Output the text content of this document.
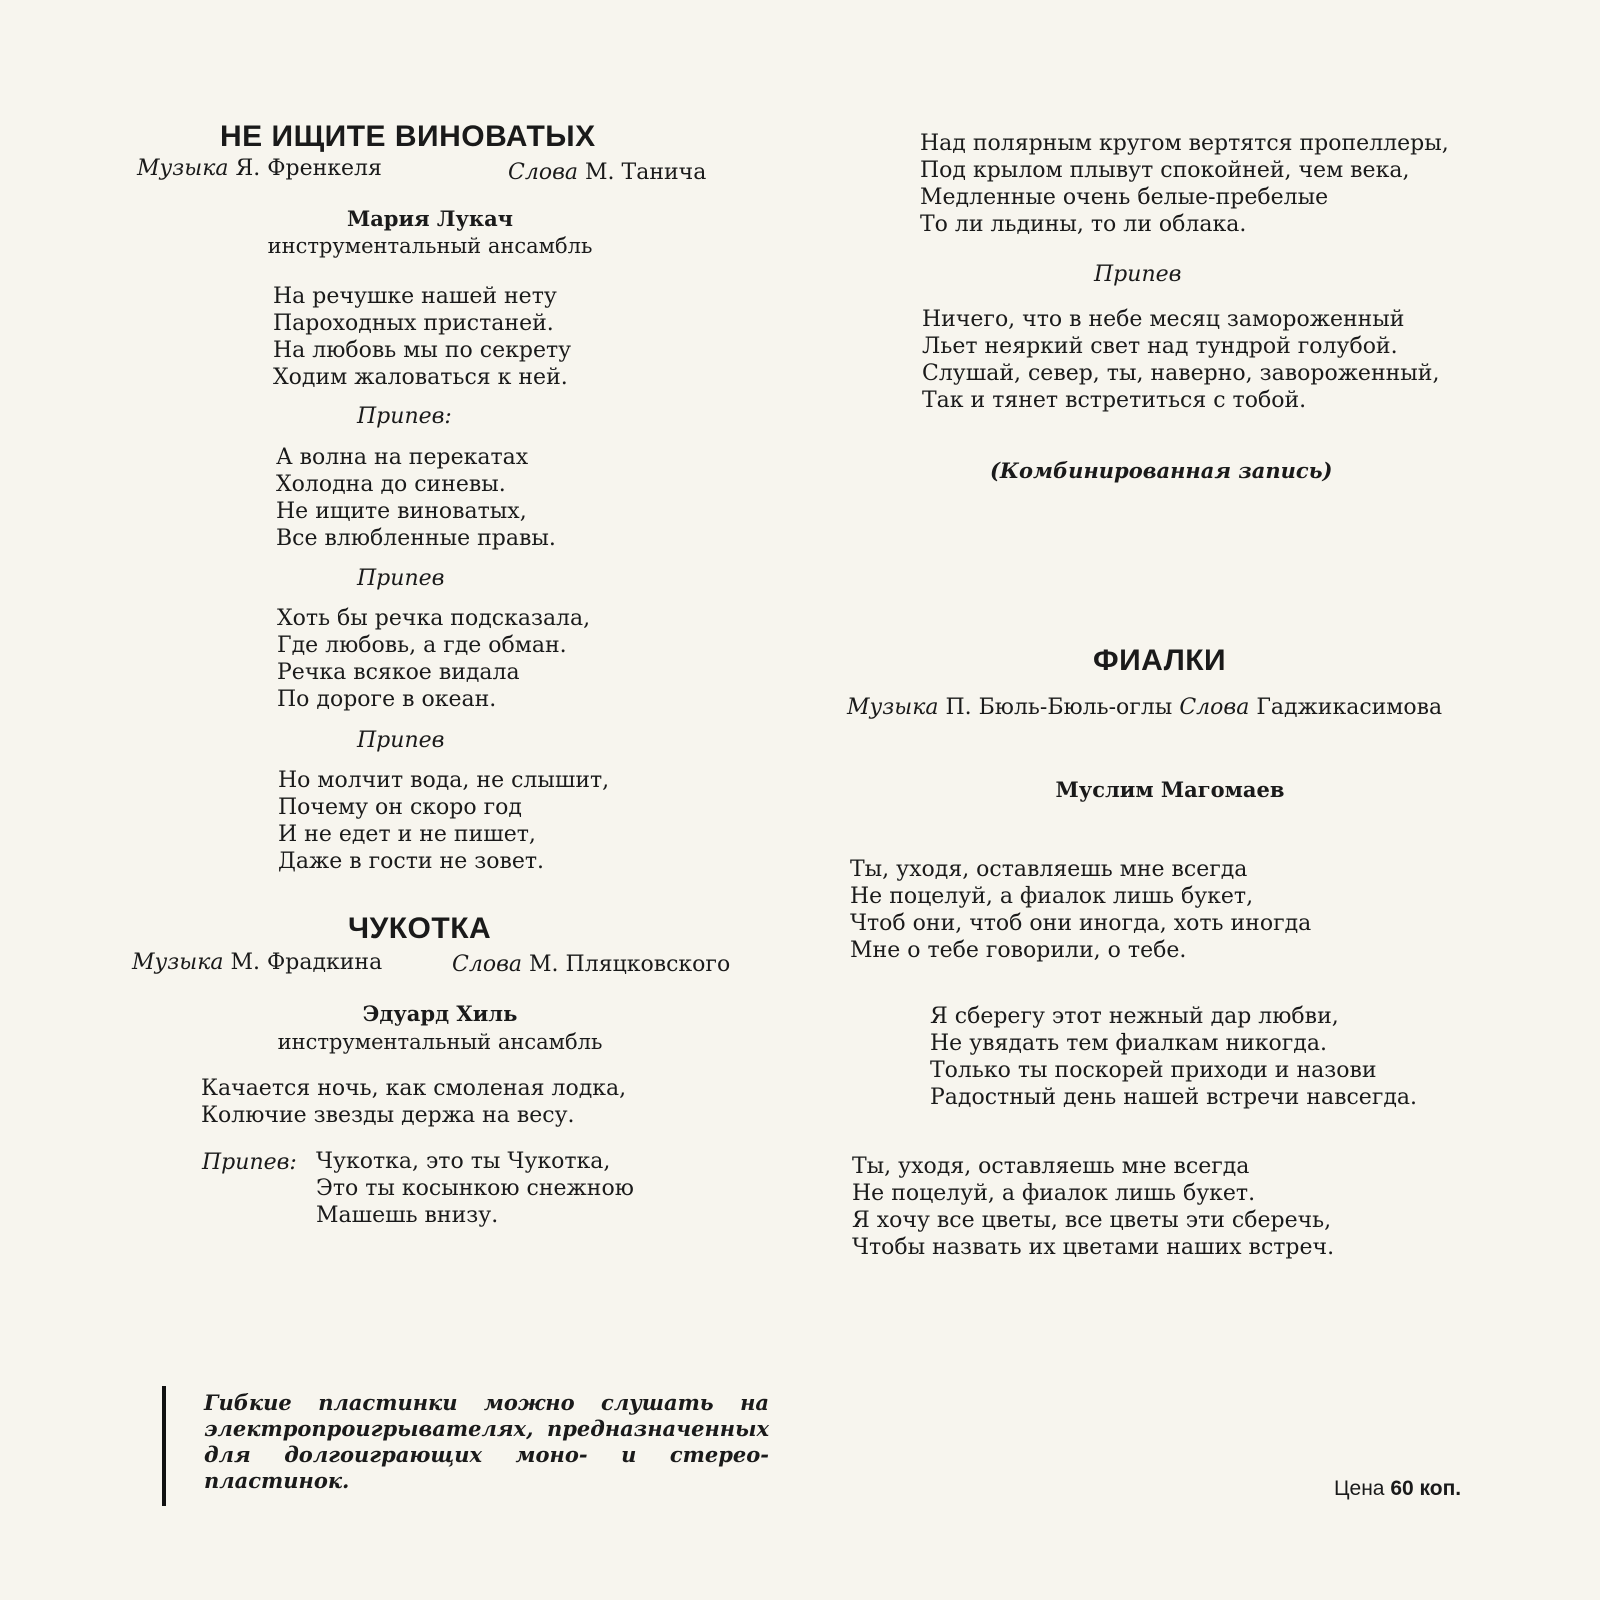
НЕ ИЩИТЕ ВИНОВАТЫХ
Музыка Я. Френкеля	Слова М. Танича
Мария Лукач
инструментальный ансамбль
На речушке нашей нету
Пароходных пристаней.
На любовь мы по секрету
Ходим жаловаться к ней.
Припев:
А волна на перекатах
Холодна до синевы.
Не ищите виноватых,
Все влюбленные правы.
Припев
Хоть бы речка подсказала,
Где любовь, а где обман.
Речка всякое видала
По дороге в океан.
Припев
Но молчит вода, не слышит,
Почему он скоро год
И не едет и не пишет,
Даже в гости не зовет.
ЧУКОТКА
Музыка М. Фрадкина	Слова М. Пляцковского
Эдуард Хиль
инструментальный ансамбль
Качается ночь, как смоленая лодка,
Колючие звезды держа на весу.
Припев: Чукотка, это ты Чукотка,
Это ты косынкою снежною
Машешь внизу.
Над полярным кругом вертятся пропеллеры,
Под крылом плывут спокойней, чем века,
Медленные очень белые-пребелые
То ли льдины, то ли облака.
Припев
Ничего, что в небе месяц замороженный
Льет неяркий свет над тундрой голубой.
Слушай, север, ты, наверно, завороженный,
Так и тянет встретиться с тобой.
(Комбинированная запись)
ФИАЛКИ
Музыка П. Бюль-Бюль-оглы Слова Гаджикасимова
Муслим Магомаев
Ты, уходя, оставляешь мне всегда
Не поцелуй, а фиалок лишь букет,
Чтоб они, чтоб они иногда, хоть иногда
Мне о тебе говорили, о тебе.
Я сберегу этот нежный дар любви,
Не увядать тем фиалкам никогда.
Только ты поскорей приходи и назови
Радостный день нашей встречи навсегда.
Ты, уходя, оставляешь мне всегда
Не поцелуй, а фиалок лишь букет.
Я хочу все цветы, все цветы эти сберечь,
Чтобы назвать их цветами наших встреч.
Гибкие пластинки можно слушать на электропроигрывателях, предназначенных для долгоиграющих моно- и стерео-пластинок.	Цена 60 коп.
